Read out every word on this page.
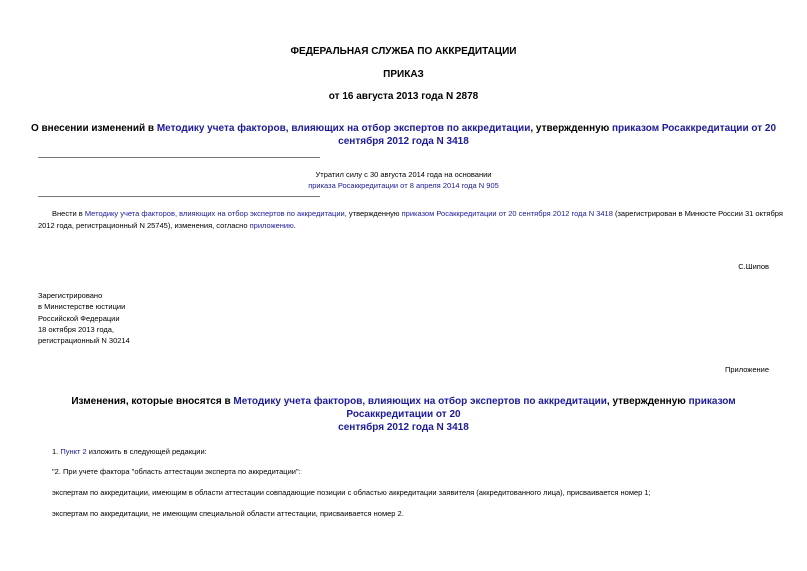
ФЕДЕРАЛЬНАЯ СЛУЖБА ПО АККРЕДИТАЦИИ
ПРИКАЗ
от 16 августа 2013 года N 2878
О внесении изменений в Методику учета факторов, влияющих на отбор экспертов по аккредитации, утвержденную приказом Росаккредитации от 20 сентября 2012 года N 3418
Утратил силу с 30 августа 2014 года на основании
приказа Росаккредитации от 8 апреля 2014 года N 905
Внести в Методику учета факторов, влияющих на отбор экспертов по аккредитации, утвержденную приказом Росаккредитации от 20 сентября 2012 года N 3418 (зарегистрирован в Минюсте России 31 октября
2012 года, регистрационный N 25745), изменения, согласно приложению.
С.Шипов
Зарегистрировано
в Министерстве юстиции
Российской Федерации
18 октября 2013 года,
регистрационный N 30214
Приложение
Изменения, которые вносятся в Методику учета факторов, влияющих на отбор экспертов по аккредитации, утвержденную приказом Росаккредитации от 20
сентября 2012 года N 3418
1. Пункт 2 изложить в следующей редакции:
"2. При учете фактора "область аттестации эксперта по аккредитации":
экспертам по аккредитации, имеющим в области аттестации совпадающие позиции с областью аккредитации заявителя (аккредитованного лица), присваивается номер 1;
экспертам по аккредитации, не имеющим специальной области аттестации, присваивается номер 2.
